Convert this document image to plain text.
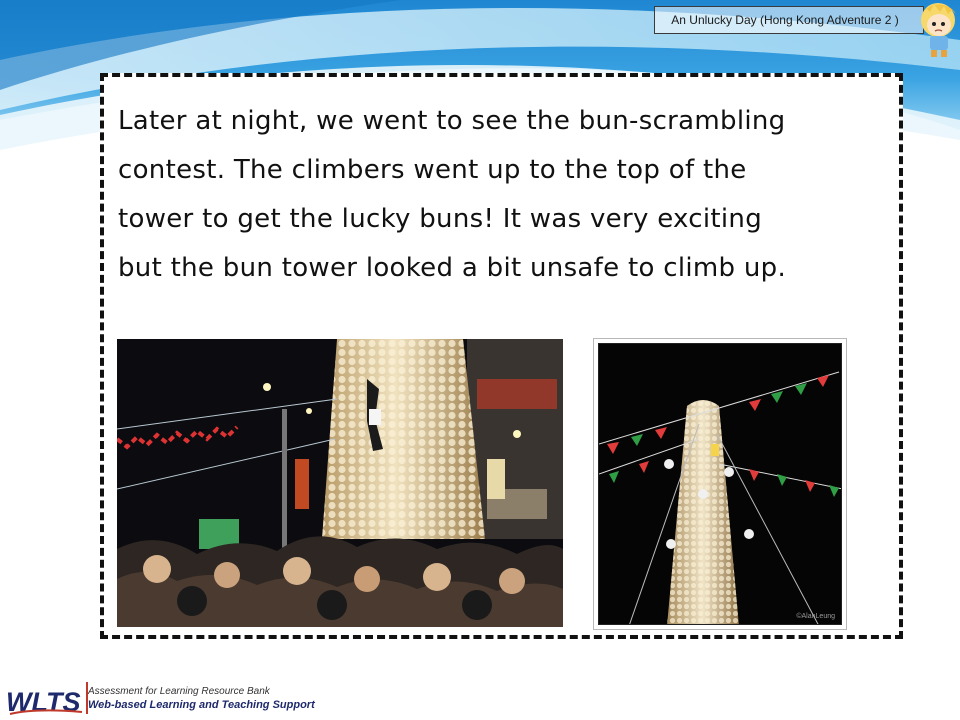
An Unlucky Day (Hong Kong Adventure 2 )
Later at night, we went to see the bun-scrambling
contest. The climbers went up to the top of the
tower to get the lucky buns! It was very exciting
but the bun tower looked a bit unsafe to climb up.
©AlanLeung
WLTS Assessment for Learning Resource Bank
Web-based Learning and Teaching Support
